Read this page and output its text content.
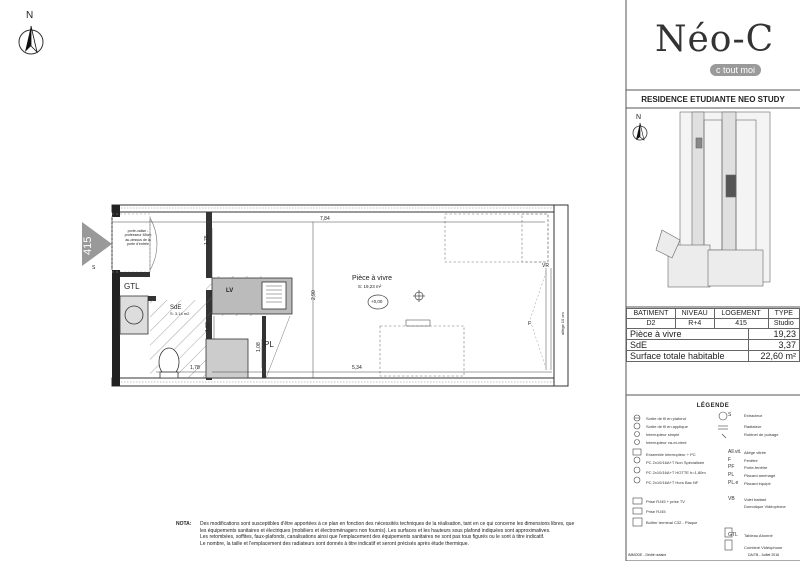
Néo-C
c tout moi
RESIDENCE ETUDIANTE NEO STUDY
N
N
415
Pièce à vivre
S: 19,23 m²
+0,00
SdE
S: 3,14 m2
GTL
PL
LV
VR
F
S
porte-valise - professeur 65cm au-dessus de la porte d'entrée
allège 10 cm
7,84
1,75
2,90
5,34
1,82
1,78
1,08
BATIMENT	NIVEAU	LOGEMENT	TYPE
D2	R+4	415	Studio
Pièce à vivre	19,23
SdE	3,37
Surface totale habitable	22,60 m²
LÉGENDE
Sortie de fil en plafond
Sortie de fil en applique
Interrupteur simple
Interrupteur va-et-vient
Ensemble Interrupteur + PC
PC 2x10/16A+T Non Spécialisée
PC 2x10/16A+T HOTTE h=1,80m
PC 2x10/16A+T Hors Bac NF
Prise RJ45 + prise TV
Prise RJ45
Boîtier terminal C32 - Plaque
S	Extracteur
Radiateur
Robinet de puisage
All.vit. Allège vitrée
F	Fenêtre
PF Porte-fenêtre
PL Placard aménagé
PL.e Placard équipé
VB Volet battant
Domotique Vidéophone
GTL Tableau Abonné
Combiné Vidéophone
NOTA: Des modifications sont susceptibles d'être apportées à ce plan en fonction des nécessités techniques de la réalisation, tant en ce qui concerne les dimensions libres, que
les équipements sanitaires et électriques (mobiliers et électroménagers non fournis). Les surfaces et les hauteurs sous plafond indiquées sont approximatives.
Les retombées, soffites, faux-plafonds, canalisations ainsi que l'emplacement des équipements sanitaires ne sont pas tous figurés ou le sont à titre indicatif.
Le nombre, la taille et l'emplacement des radiateurs sont donnés à titre indicatif et seront précisés après étude thermique.
IMMODE - Dédié notaire	DA/TB - Juillet 2016
